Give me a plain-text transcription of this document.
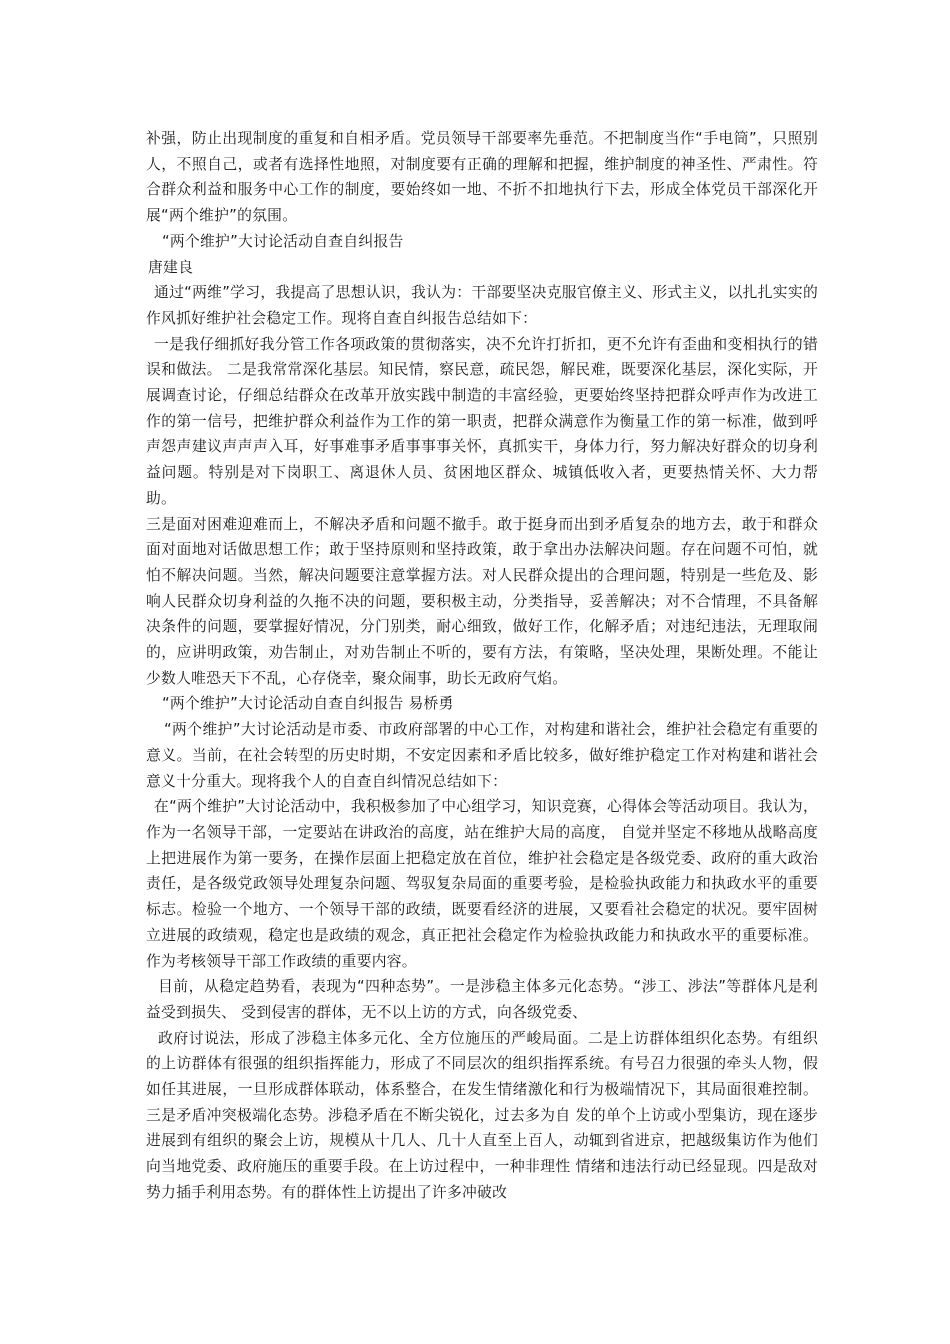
补强，防止出现制度的重复和自相矛盾。党员领导干部要率先垂范。不把制度当作“手电筒”，只照别人，不照自己，或者有选择性地照，对制度要有正确的理解和把握，维护制度的神圣性、严肃性。符合群众利益和服务中心工作的制度，要始终如一地、不折不扣地执行下去，形成全体党员干部深化开展“两个维护”的氛围。

“两个维护”大讨论活动自查自纠报告

唐建良

通过“两维”学习，我提高了思想认识，我认为：干部要坚决克服官僚主义、形式主义，以扎扎实实的作风抓好维护社会稳定工作。现将自查自纠报告总结如下：

一是我仔细抓好我分管工作各项政策的贯彻落实，决不允许打折扣，更不允许有歪曲和变相执行的错误和做法。 二是我常常深化基层。知民情，察民意，疏民怨，解民难，既要深化基层，深化实际，开展调查讨论，仔细总结群众在改革开放实践中制造的丰富经验，更要始终坚持把群众呼声作为改进工作的第一信号，把维护群众利益作为工作的第一职责，把群众满意作为衡量工作的第一标准，做到呼声怨声建议声声声入耳，好事难事矛盾事事事关怀，真抓实干，身体力行，努力解决好群众的切身利益问题。特别是对下岗职工、离退休人员、贫困地区群众、城镇低收入者，更要热情关怀、大力帮助。

三是面对困难迎难而上，不解决矛盾和问题不撤手。敢于挺身而出到矛盾复杂的地方去，敢于和群众面对面地对话做思想工作；敢于坚持原则和坚持政策，敢于拿出办法解决问题。存在问题不可怕，就怕不解决问题。当然，解决问题要注意掌握方法。对人民群众提出的合理问题，特别是一些危及、影响人民群众切身利益的久拖不决的问题，要积极主动，分类指导，妥善解决；对不合情理，不具备解决条件的问题，要掌握好情况，分门别类，耐心细致，做好工作，化解矛盾；对违纪违法，无理取闹的，应讲明政策，劝告制止，对劝告制止不听的，要有方法，有策略，坚决处理，果断处理。不能让少数人唯恐天下不乱，心存侥幸，聚众闹事，助长无政府气焰。

“两个维护”大讨论活动自查自纠报告 易桥勇

“两个维护”大讨论活动是市委、市政府部署的中心工作，对构建和谐社会，维护社会稳定有重要的意义。当前，在社会转型的历史时期，不安定因素和矛盾比较多，做好维护稳定工作对构建和谐社会意义十分重大。现将我个人的自查自纠情况总结如下：

在“两个维护”大讨论活动中，我积极参加了中心组学习，知识竞赛，心得体会等活动项目。我认为，作为一名领导干部，一定要站在讲政治的高度，站在维护大局的高度， 自觉并坚定不移地从战略高度上把进展作为第一要务，在操作层面上把稳定放在首位，维护社会稳定是各级党委、政府的重大政治责任，是各级党政领导处理复杂问题、驾驭复杂局面的重要考验，是检验执政能力和执政水平的重要标志。检验一个地方、一个领导干部的政绩，既要看经济的进展，又要看社会稳定的状况。要牢固树立进展的政绩观，稳定也是政绩的观念，真正把社会稳定作为检验执政能力和执政水平的重要标准。作为考核领导干部工作政绩的重要内容。

目前，从稳定趋势看，表现为“四种态势”。一是涉稳主体多元化态势。“涉工、涉法”等群体凡是利益受到损失、 受到侵害的群体，无不以上访的方式，向各级党委、

政府讨说法，形成了涉稳主体多元化、全方位施压的严峻局面。二是上访群体组织化态势。有组织的上访群体有很强的组织指挥能力，形成了不同层次的组织指挥系统。有号召力很强的牵头人物，假如任其进展，一旦形成群体联动，体系整合，在发生情绪激化和行为极端情况下，其局面很难控制。三是矛盾冲突极端化态势。涉稳矛盾在不断尖锐化，过去多为自 发的单个上访或小型集访，现在逐步进展到有组织的聚会上访，规模从十几人、几十人直至上百人，动辄到省进京，把越级集访作为他们向当地党委、政府施压的重要手段。在上访过程中，一种非理性 情绪和违法行动已经显现。四是敌对势力插手利用态势。有的群体性上访提出了许多冲破改
